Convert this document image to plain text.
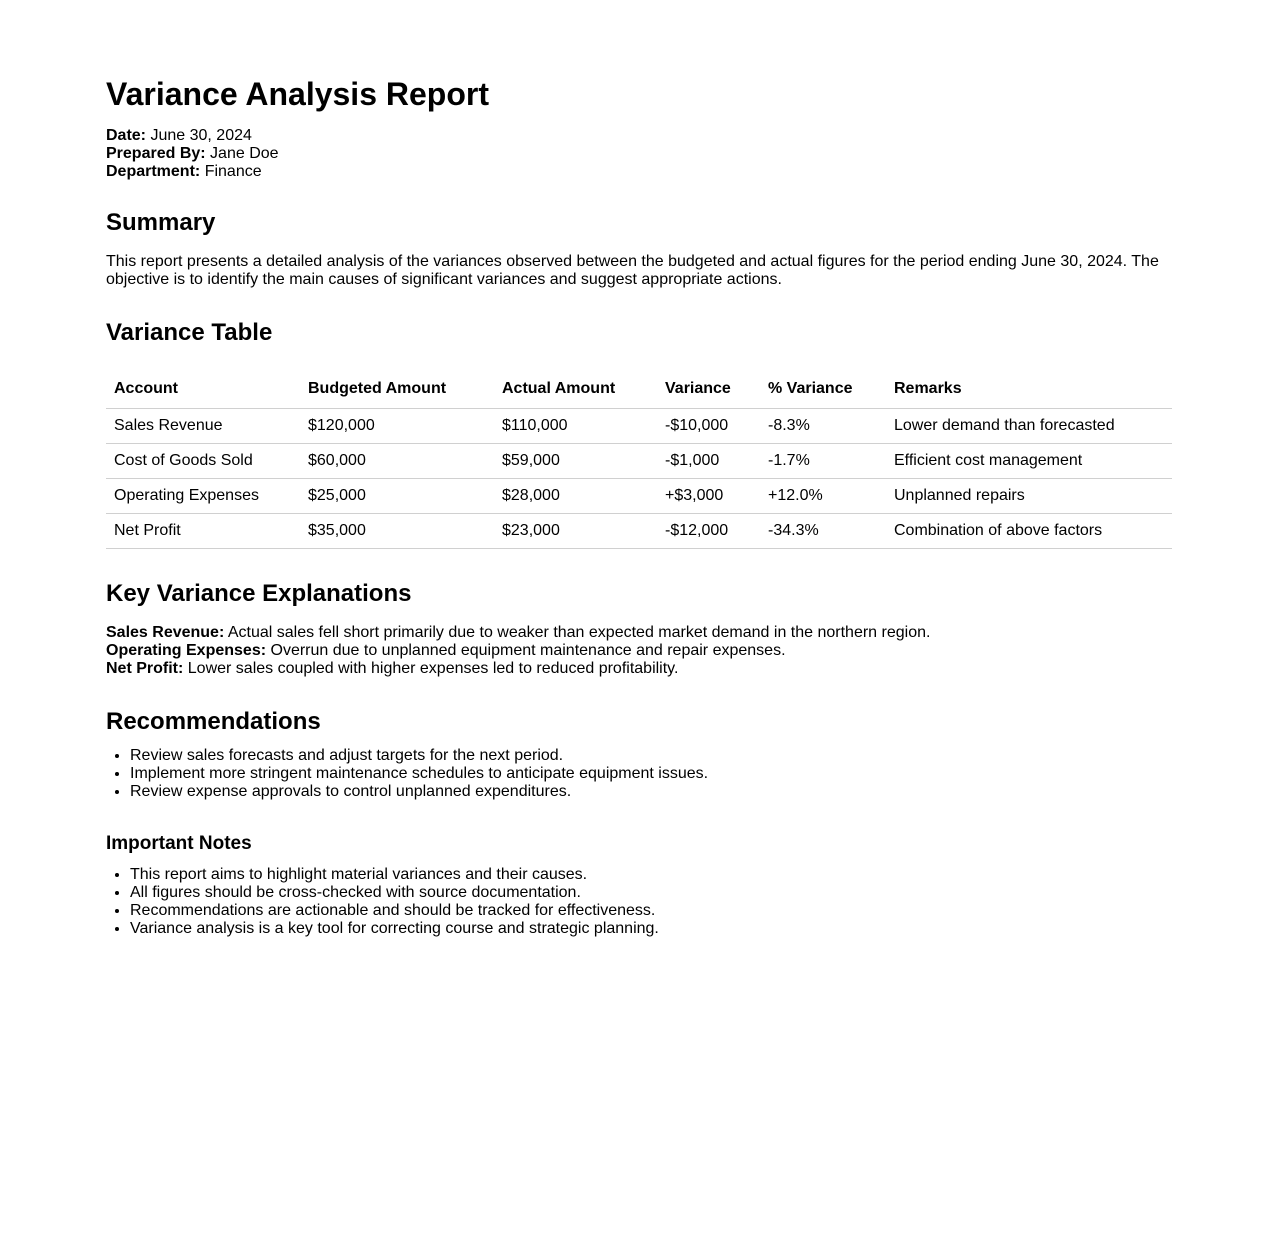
Variance Analysis Report
Date: June 30, 2024
Prepared By: Jane Doe
Department: Finance
Summary
This report presents a detailed analysis of the variances observed between the budgeted and actual figures for the period ending June 30, 2024. The objective is to identify the main causes of significant variances and suggest appropriate actions.
Variance Table
Account	Budgeted Amount	Actual Amount	Variance	% Variance	Remarks
Sales Revenue	$120,000	$110,000	-$10,000	-8.3%	Lower demand than forecasted
Cost of Goods Sold	$60,000	$59,000	-$1,000	-1.7%	Efficient cost management
Operating Expenses	$25,000	$28,000	+$3,000	+12.0%	Unplanned repairs
Net Profit	$35,000	$23,000	-$12,000	-34.3%	Combination of above factors
Key Variance Explanations
Sales Revenue: Actual sales fell short primarily due to weaker than expected market demand in the northern region.
Operating Expenses: Overrun due to unplanned equipment maintenance and repair expenses.
Net Profit: Lower sales coupled with higher expenses led to reduced profitability.
Recommendations
• Review sales forecasts and adjust targets for the next period.
• Implement more stringent maintenance schedules to anticipate equipment issues.
• Review expense approvals to control unplanned expenditures.
Important Notes
• This report aims to highlight material variances and their causes.
• All figures should be cross-checked with source documentation.
• Recommendations are actionable and should be tracked for effectiveness.
• Variance analysis is a key tool for correcting course and strategic planning.
